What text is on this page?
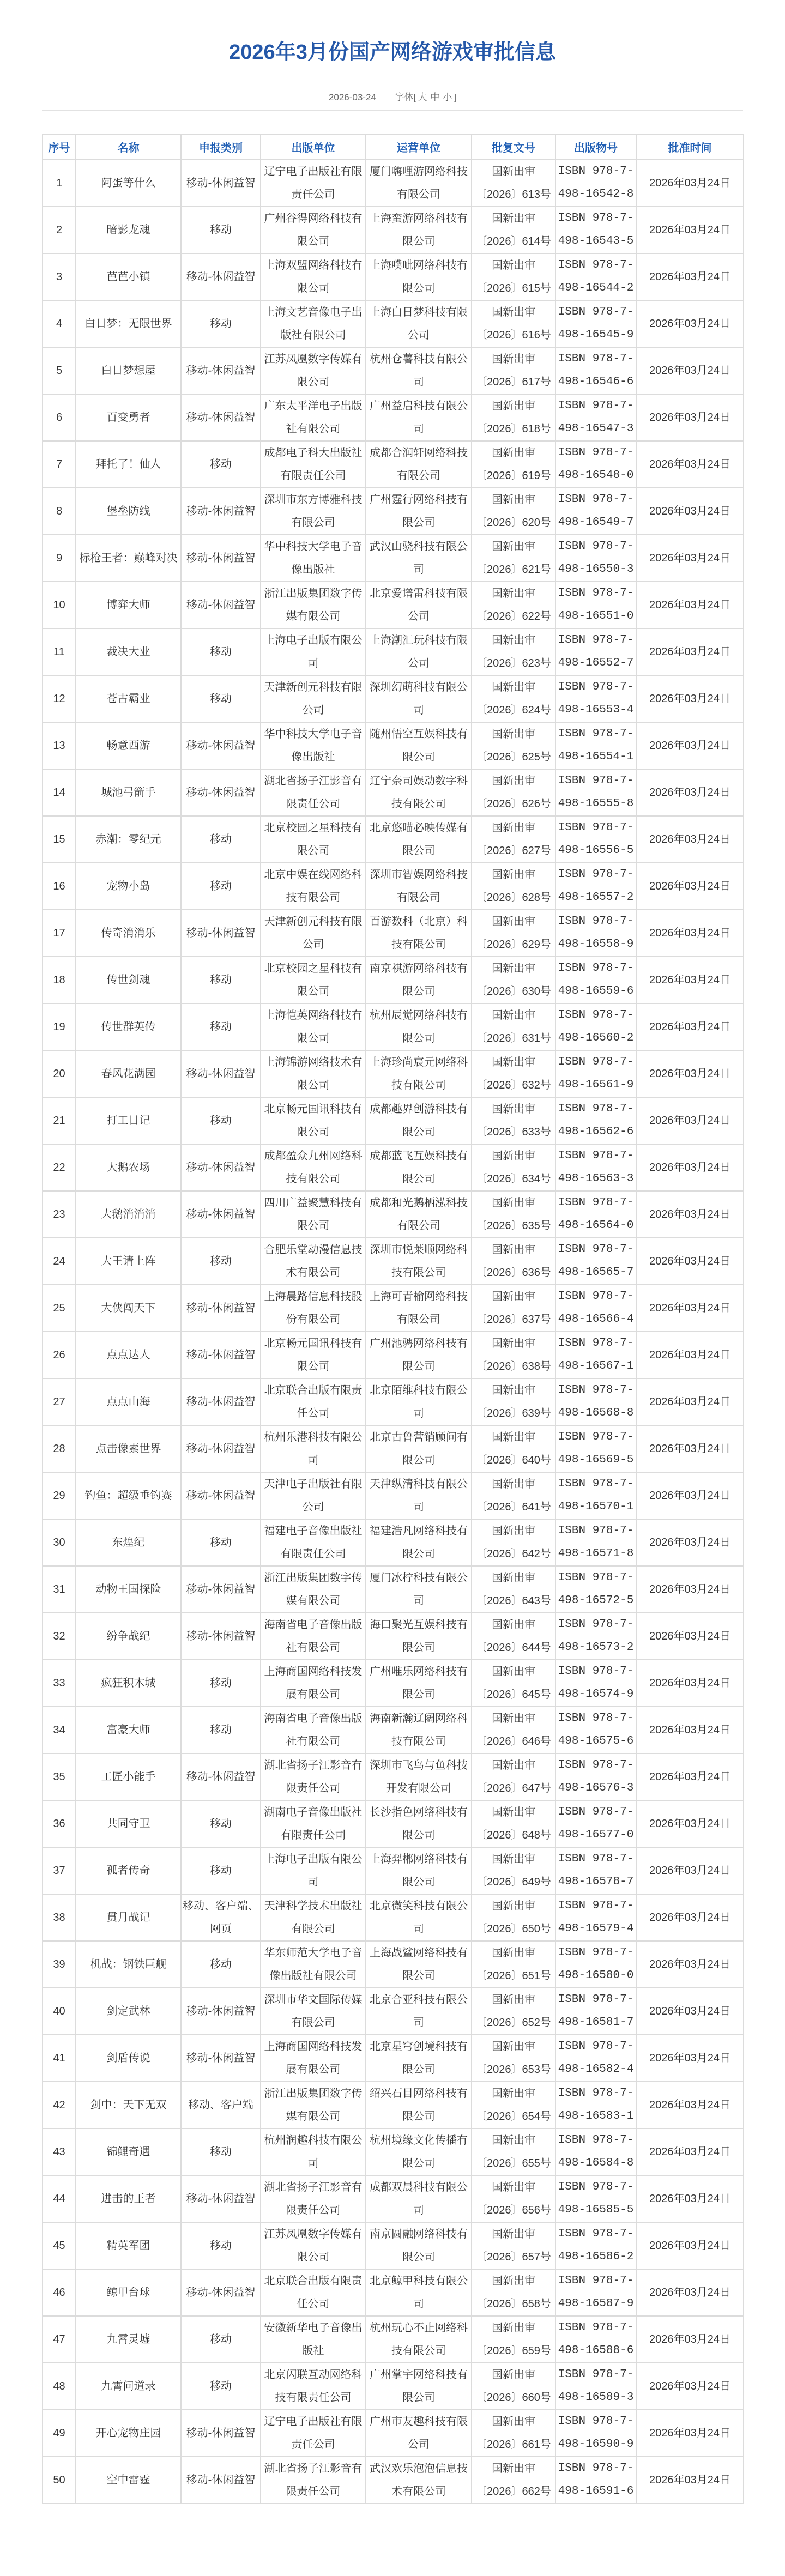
2026年3月份国产网络游戏审批信息
2026-03-24 字体[ 大 中 小 ]
序号	名称	申报类别	出版单位	运营单位	批复文号	出版物号	批准时间
1	阿蛋等什么	移动-休闲益智	辽宁电子出版社有限责任公司	厦门嗨哩游网络科技有限公司	国新出审〔2026〕613号	ISBN 978-7-498-16542-8	2026年03月24日
2	暗影龙魂	移动	广州谷得网络科技有限公司	上海蛮游网络科技有限公司	国新出审〔2026〕614号	ISBN 978-7-498-16543-5	2026年03月24日
3	芭芭小镇	移动-休闲益智	上海双盟网络科技有限公司	上海噗呲网络科技有限公司	国新出审〔2026〕615号	ISBN 978-7-498-16544-2	2026年03月24日
4	白日梦：无限世界	移动	上海文艺音像电子出版社有限公司	上海白日梦科技有限公司	国新出审〔2026〕616号	ISBN 978-7-498-16545-9	2026年03月24日
5	白日梦想屋	移动-休闲益智	江苏凤凰数字传媒有限公司	杭州仓薯科技有限公司	国新出审〔2026〕617号	ISBN 978-7-498-16546-6	2026年03月24日
6	百变勇者	移动-休闲益智	广东太平洋电子出版社有限公司	广州益启科技有限公司	国新出审〔2026〕618号	ISBN 978-7-498-16547-3	2026年03月24日
7	拜托了！仙人	移动	成都电子科大出版社有限责任公司	成都合润轩网络科技有限公司	国新出审〔2026〕619号	ISBN 978-7-498-16548-0	2026年03月24日
8	堡垒防线	移动-休闲益智	深圳市东方博雅科技有限公司	广州霆行网络科技有限公司	国新出审〔2026〕620号	ISBN 978-7-498-16549-7	2026年03月24日
9	标枪王者：巅峰对决	移动-休闲益智	华中科技大学电子音像出版社	武汉山骁科技有限公司	国新出审〔2026〕621号	ISBN 978-7-498-16550-3	2026年03月24日
10	博弈大师	移动-休闲益智	浙江出版集团数字传媒有限公司	北京爱谱雷科技有限公司	国新出审〔2026〕622号	ISBN 978-7-498-16551-0	2026年03月24日
11	裁决大业	移动	上海电子出版有限公司	上海潮汇玩科技有限公司	国新出审〔2026〕623号	ISBN 978-7-498-16552-7	2026年03月24日
12	苍古霸业	移动	天津新创元科技有限公司	深圳幻萌科技有限公司	国新出审〔2026〕624号	ISBN 978-7-498-16553-4	2026年03月24日
13	畅意西游	移动-休闲益智	华中科技大学电子音像出版社	随州悟空互娱科技有限公司	国新出审〔2026〕625号	ISBN 978-7-498-16554-1	2026年03月24日
14	城池弓箭手	移动-休闲益智	湖北省扬子江影音有限责任公司	辽宁奈司娱动数字科技有限公司	国新出审〔2026〕626号	ISBN 978-7-498-16555-8	2026年03月24日
15	赤潮：零纪元	移动	北京校园之星科技有限公司	北京悠喵必映传媒有限公司	国新出审〔2026〕627号	ISBN 978-7-498-16556-5	2026年03月24日
16	宠物小岛	移动	北京中娱在线网络科技有限公司	深圳市智娱网络科技有限公司	国新出审〔2026〕628号	ISBN 978-7-498-16557-2	2026年03月24日
17	传奇消消乐	移动-休闲益智	天津新创元科技有限公司	百游数科（北京）科技有限公司	国新出审〔2026〕629号	ISBN 978-7-498-16558-9	2026年03月24日
18	传世剑魂	移动	北京校园之星科技有限公司	南京祺游网络科技有限公司	国新出审〔2026〕630号	ISBN 978-7-498-16559-6	2026年03月24日
19	传世群英传	移动	上海恺英网络科技有限公司	杭州辰觉网络科技有限公司	国新出审〔2026〕631号	ISBN 978-7-498-16560-2	2026年03月24日
20	春风花满园	移动-休闲益智	上海锦游网络技术有限公司	上海珍尚宸元网络科技有限公司	国新出审〔2026〕632号	ISBN 978-7-498-16561-9	2026年03月24日
21	打工日记	移动	北京畅元国讯科技有限公司	成都趣界创游科技有限公司	国新出审〔2026〕633号	ISBN 978-7-498-16562-6	2026年03月24日
22	大鹅农场	移动-休闲益智	成都盈众九州网络科技有限公司	成都蓝飞互娱科技有限公司	国新出审〔2026〕634号	ISBN 978-7-498-16563-3	2026年03月24日
23	大鹅消消消	移动-休闲益智	四川广益聚慧科技有限公司	成都和光鹅栖泓科技有限公司	国新出审〔2026〕635号	ISBN 978-7-498-16564-0	2026年03月24日
24	大王请上阵	移动	合肥乐堂动漫信息技术有限公司	深圳市悦莱顺网络科技有限公司	国新出审〔2026〕636号	ISBN 978-7-498-16565-7	2026年03月24日
25	大侠闯天下	移动-休闲益智	上海晨路信息科技股份有限公司	上海可青榆网络科技有限公司	国新出审〔2026〕637号	ISBN 978-7-498-16566-4	2026年03月24日
26	点点达人	移动-休闲益智	北京畅元国讯科技有限公司	广州池骋网络科技有限公司	国新出审〔2026〕638号	ISBN 978-7-498-16567-1	2026年03月24日
27	点点山海	移动-休闲益智	北京联合出版有限责任公司	北京陌维科技有限公司	国新出审〔2026〕639号	ISBN 978-7-498-16568-8	2026年03月24日
28	点击像素世界	移动-休闲益智	杭州乐港科技有限公司	北京古鲁营销顾问有限公司	国新出审〔2026〕640号	ISBN 978-7-498-16569-5	2026年03月24日
29	钓鱼：超级垂钓赛	移动-休闲益智	天津电子出版社有限公司	天津纵清科技有限公司	国新出审〔2026〕641号	ISBN 978-7-498-16570-1	2026年03月24日
30	东煌纪	移动	福建电子音像出版社有限责任公司	福建浩凡网络科技有限公司	国新出审〔2026〕642号	ISBN 978-7-498-16571-8	2026年03月24日
31	动物王国探险	移动-休闲益智	浙江出版集团数字传媒有限公司	厦门冰柠科技有限公司	国新出审〔2026〕643号	ISBN 978-7-498-16572-5	2026年03月24日
32	纷争战纪	移动-休闲益智	海南省电子音像出版社有限公司	海口聚光互娱科技有限公司	国新出审〔2026〕644号	ISBN 978-7-498-16573-2	2026年03月24日
33	疯狂积木城	移动	上海商国网络科技发展有限公司	广州唯乐网络科技有限公司	国新出审〔2026〕645号	ISBN 978-7-498-16574-9	2026年03月24日
34	富豪大师	移动	海南省电子音像出版社有限公司	海南新瀚辽阔网络科技有限公司	国新出审〔2026〕646号	ISBN 978-7-498-16575-6	2026年03月24日
35	工匠小能手	移动-休闲益智	湖北省扬子江影音有限责任公司	深圳市飞鸟与鱼科技开发有限公司	国新出审〔2026〕647号	ISBN 978-7-498-16576-3	2026年03月24日
36	共同守卫	移动	湖南电子音像出版社有限责任公司	长沙指色网络科技有限公司	国新出审〔2026〕648号	ISBN 978-7-498-16577-0	2026年03月24日
37	孤者传奇	移动	上海电子出版有限公司	上海羿郴网络科技有限公司	国新出审〔2026〕649号	ISBN 978-7-498-16578-7	2026年03月24日
38	贯月战记	移动、客户端、网页	天津科学技术出版社有限公司	北京微笑科技有限公司	国新出审〔2026〕650号	ISBN 978-7-498-16579-4	2026年03月24日
39	机战：钢铁巨舰	移动	华东师范大学电子音像出版社有限公司	上海战鲨网络科技有限公司	国新出审〔2026〕651号	ISBN 978-7-498-16580-0	2026年03月24日
40	剑定武林	移动-休闲益智	深圳市华文国际传媒有限公司	北京合亚科技有限公司	国新出审〔2026〕652号	ISBN 978-7-498-16581-7	2026年03月24日
41	剑盾传说	移动-休闲益智	上海商国网络科技发展有限公司	北京星穹创境科技有限公司	国新出审〔2026〕653号	ISBN 978-7-498-16582-4	2026年03月24日
42	剑中：天下无双	移动、客户端	浙江出版集团数字传媒有限公司	绍兴石目网络科技有限公司	国新出审〔2026〕654号	ISBN 978-7-498-16583-1	2026年03月24日
43	锦鲤奇遇	移动	杭州润趣科技有限公司	杭州境缘文化传播有限公司	国新出审〔2026〕655号	ISBN 978-7-498-16584-8	2026年03月24日
44	进击的王者	移动-休闲益智	湖北省扬子江影音有限责任公司	成都双晨科技有限公司	国新出审〔2026〕656号	ISBN 978-7-498-16585-5	2026年03月24日
45	精英军团	移动	江苏凤凰数字传媒有限公司	南京圆融网络科技有限公司	国新出审〔2026〕657号	ISBN 978-7-498-16586-2	2026年03月24日
46	鲸甲台球	移动-休闲益智	北京联合出版有限责任公司	北京鲸甲科技有限公司	国新出审〔2026〕658号	ISBN 978-7-498-16587-9	2026年03月24日
47	九霄灵墟	移动	安徽新华电子音像出版社	杭州玩心不止网络科技有限公司	国新出审〔2026〕659号	ISBN 978-7-498-16588-6	2026年03月24日
48	九霄问道录	移动	北京闪联互动网络科技有限责任公司	广州掌宇网络科技有限公司	国新出审〔2026〕660号	ISBN 978-7-498-16589-3	2026年03月24日
49	开心宠物庄园	移动-休闲益智	辽宁电子出版社有限责任公司	广州市友趣科技有限公司	国新出审〔2026〕661号	ISBN 978-7-498-16590-9	2026年03月24日
50	空中雷霆	移动-休闲益智	湖北省扬子江影音有限责任公司	武汉欢乐泡泡信息技术有限公司	国新出审〔2026〕662号	ISBN 978-7-498-16591-6	2026年03月24日
